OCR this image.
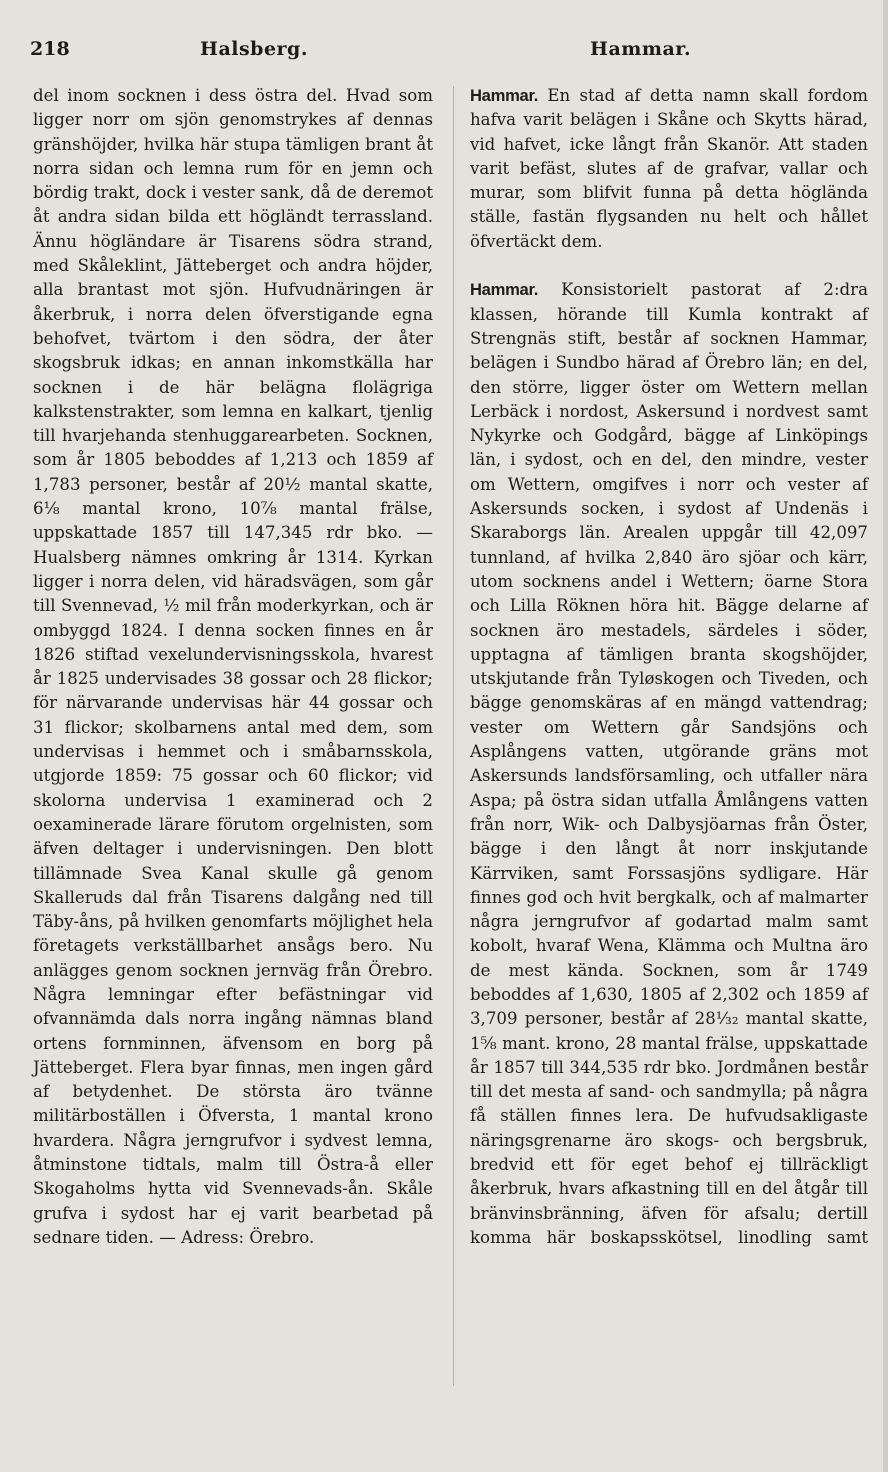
218	Halsberg.	Hammar.

del inom socknen i dess östra del. Hvad som ligger norr om sjön genomstrykes af dennas gränshöjder, hvilka här stupa tämligen brant åt norra sidan och lemna rum för en jemn och bördig trakt, dock i vester sank, då de deremot åt andra sidan bilda ett högländt terrassland. Ännu högländare är Tisarens södra strand, med Skåleklint, Jätteberget och andra höjder, alla brantast mot sjön. Hufvudnäringen är åkerbruk, i norra delen öfverstigande egna behofvet, tvärtom i den södra, der åter skogsbruk idkas; en annan inkomstkälla har socknen i de här belägna flolägriga kalkstenstrakter, som lemna en kalkart, tjenlig till hvarjehanda stenhuggarearbeten. Socknen, som år 1805 beboddes af 1,213 och 1859 af 1,783 personer, består af 20½ mantal skatte, 6⅛ mantal krono, 10⅞ mantal frälse, uppskattade 1857 till 147,345 rdr bko. — Hualsberg nämnes omkring år 1314. Kyrkan ligger i norra delen, vid häradsvägen, som går till Svennevad, ½ mil från moderkyrkan, och är ombyggd 1824. I denna socken finnes en år 1826 stiftad vexelundervisningsskola, hvarest år 1825 undervisades 38 gossar och 28 flickor; för närvarande undervisas här 44 gossar och 31 flickor; skolbarnens antal med dem, som undervisas i hemmet och i småbarnsskola, utgjorde 1859: 75 gossar och 60 flickor; vid skolorna undervisa 1 examinerad och 2 oexaminerade lärare förutom orgelnisten, som äfven deltager i undervisningen. Den blott tillämnade Svea Kanal skulle gå genom Skalleruds dal från Tisarens dalgång ned till Täby-åns, på hvilken genomfarts möjlighet hela företagets verkställbarhet ansågs bero. Nu anlägges genom socknen jernväg från Örebro. Några lemningar efter befästningar vid ofvannämda dals norra ingång nämnas bland ortens fornminnen, äfvensom en borg på Jätteberget. Flera byar finnas, men ingen gård af betydenhet. De största äro tvänne militärboställen i Öfversta, 1 mantal krono hvardera. Några jerngrufvor i sydvest lemna, åtminstone tidtals, malm till Östra-å eller Skogaholms hytta vid Svennevads-ån. Skåle grufva i sydost har ej varit bearbetad på sednare tiden. — Adress: Örebro.

Hammar. En stad af detta namn skall fordom hafva varit belägen i Skåne och Skytts härad, vid hafvet, icke långt från Skanör. Att staden varit befäst, slutes af de grafvar, vallar och murar, som blifvit funna på detta höglända ställe, fastän flygsanden nu helt och hållet öfvertäckt dem.

Hammar. Konsistorielt pastorat af 2:dra klassen, hörande till Kumla kontrakt af Strengnäs stift, består af socknen Hammar, belägen i Sundbo härad af Örebro län; en del, den större, ligger öster om Wettern mellan Lerbäck i nordost, Askersund i nordvest samt Nykyrke och Godgård, bägge af Linköpings län, i sydost, och en del, den mindre, vester om Wettern, omgifves i norr och vester af Askersunds socken, i sydost af Undenäs i Skaraborgs län. Arealen uppgår till 42,097 tunnland, af hvilka 2,840 äro sjöar och kärr, utom socknens andel i Wettern; öarne Stora och Lilla Röknen höra hit. Bägge delarne af socknen äro mestadels, särdeles i söder, upptagna af tämligen branta skogshöjder, utskjutande från Tyløskogen och Tiveden, och bägge genomskäras af en mängd vattendrag; vester om Wettern går Sandsjöns och Asplångens vatten, utgörande gräns mot Askersunds landsförsamling, och utfaller nära Aspa; på östra sidan utfalla Åmlångens vatten från norr, Wik- och Dalbysjöarnas från Öster, bägge i den långt åt norr inskjutande Kärrviken, samt Forssasjöns sydligare. Här finnes god och hvit bergkalk, och af malmarter några jerngrufvor af godartad malm samt kobolt, hvaraf Wena, Klämma och Multna äro de mest kända. Socknen, som år 1749 beboddes af 1,630, 1805 af 2,302 och 1859 af 3,709 personer, består af 28¹⁄₃₂ mantal skatte, 1⅝ mant. krono, 28 mantal frälse, uppskattade år 1857 till 344,535 rdr bko. Jordmånen består till det mesta af sand- och sandmylla; på några få ställen finnes lera. De hufvudsakligaste näringsgrenarne äro skogs- och bergsbruk, bredvid ett för eget behof ej tillräckligt åkerbruk, hvars afkastning till en del åtgår till bränvinsbränning, äfven för afsalu; dertill komma här boskapsskötsel, linodling samt
